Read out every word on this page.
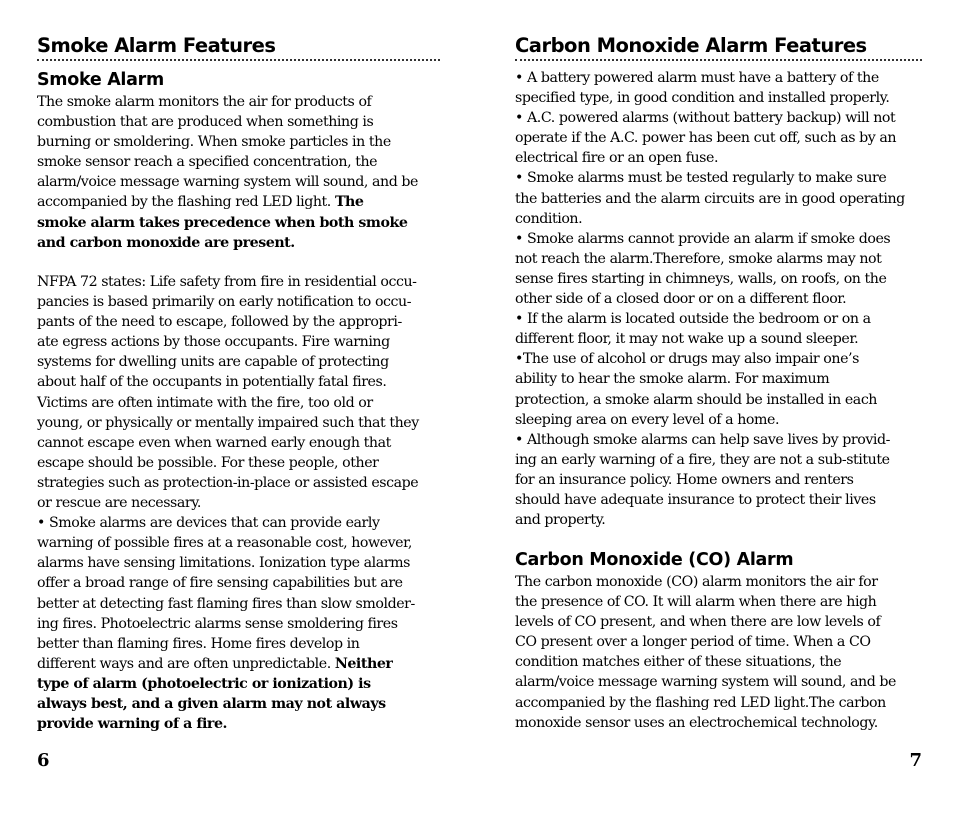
Smoke Alarm Features
Smoke Alarm

The smoke alarm monitors the air for products of
combustion that are produced when something is
burning or smoldering. When smoke particles in the
smoke sensor reach a specified concentration, the
alarm/voice message warning system will sound, and be
accompanied by the flashing red LED light. The
smoke alarm takes precedence when both smoke
and carbon monoxide are present.

NFPA 72 states: Life safety from fire in residential occu-
pancies is based primarily on early notification to occu-
pants of the need to escape, followed by the appropri-
ate egress actions by those occupants. Fire warning
systems for dwelling units are capable of protecting
about half of the occupants in potentially fatal fires.
Victims are often intimate with the fire, too old or
young, or physically or mentally impaired such that they
cannot escape even when warned early enough that
escape should be possible. For these people, other
strategies such as protection-in-place or assisted escape
or rescue are necessary.
• Smoke alarms are devices that can provide early
warning of possible fires at a reasonable cost, however,
alarms have sensing limitations. Ionization type alarms
offer a broad range of fire sensing capabilities but are
better at detecting fast flaming fires than slow smolder-
ing fires. Photoelectric alarms sense smoldering fires
better than flaming fires. Home fires develop in
different ways and are often unpredictable. Neither
type of alarm (photoelectric or ionization) is
always best, and a given alarm may not always
provide warning of a fire.

6
Carbon Monoxide Alarm Features

• A battery powered alarm must have a battery of the
specified type, in good condition and installed properly.
• A.C. powered alarms (without battery backup) will not
operate if the A.C. power has been cut off, such as by an
electrical fire or an open fuse.
• Smoke alarms must be tested regularly to make sure
the batteries and the alarm circuits are in good operating
condition.
• Smoke alarms cannot provide an alarm if smoke does
not reach the alarm.Therefore, smoke alarms may not
sense fires starting in chimneys, walls, on roofs, on the
other side of a closed door or on a different floor.
• If the alarm is located outside the bedroom or on a
different floor, it may not wake up a sound sleeper.
•The use of alcohol or drugs may also impair one’s
ability to hear the smoke alarm. For maximum
protection, a smoke alarm should be installed in each
sleeping area on every level of a home.
• Although smoke alarms can help save lives by provid-
ing an early warning of a fire, they are not a sub-stitute
for an insurance policy. Home owners and renters
should have adequate insurance to protect their lives
and property.

Carbon Monoxide (CO) Alarm

The carbon monoxide (CO) alarm monitors the air for
the presence of CO. It will alarm when there are high
levels of CO present, and when there are low levels of
CO present over a longer period of time. When a CO
condition matches either of these situations, the
alarm/voice message warning system will sound, and be
accompanied by the flashing red LED light.The carbon
monoxide sensor uses an electrochemical technology.

7
